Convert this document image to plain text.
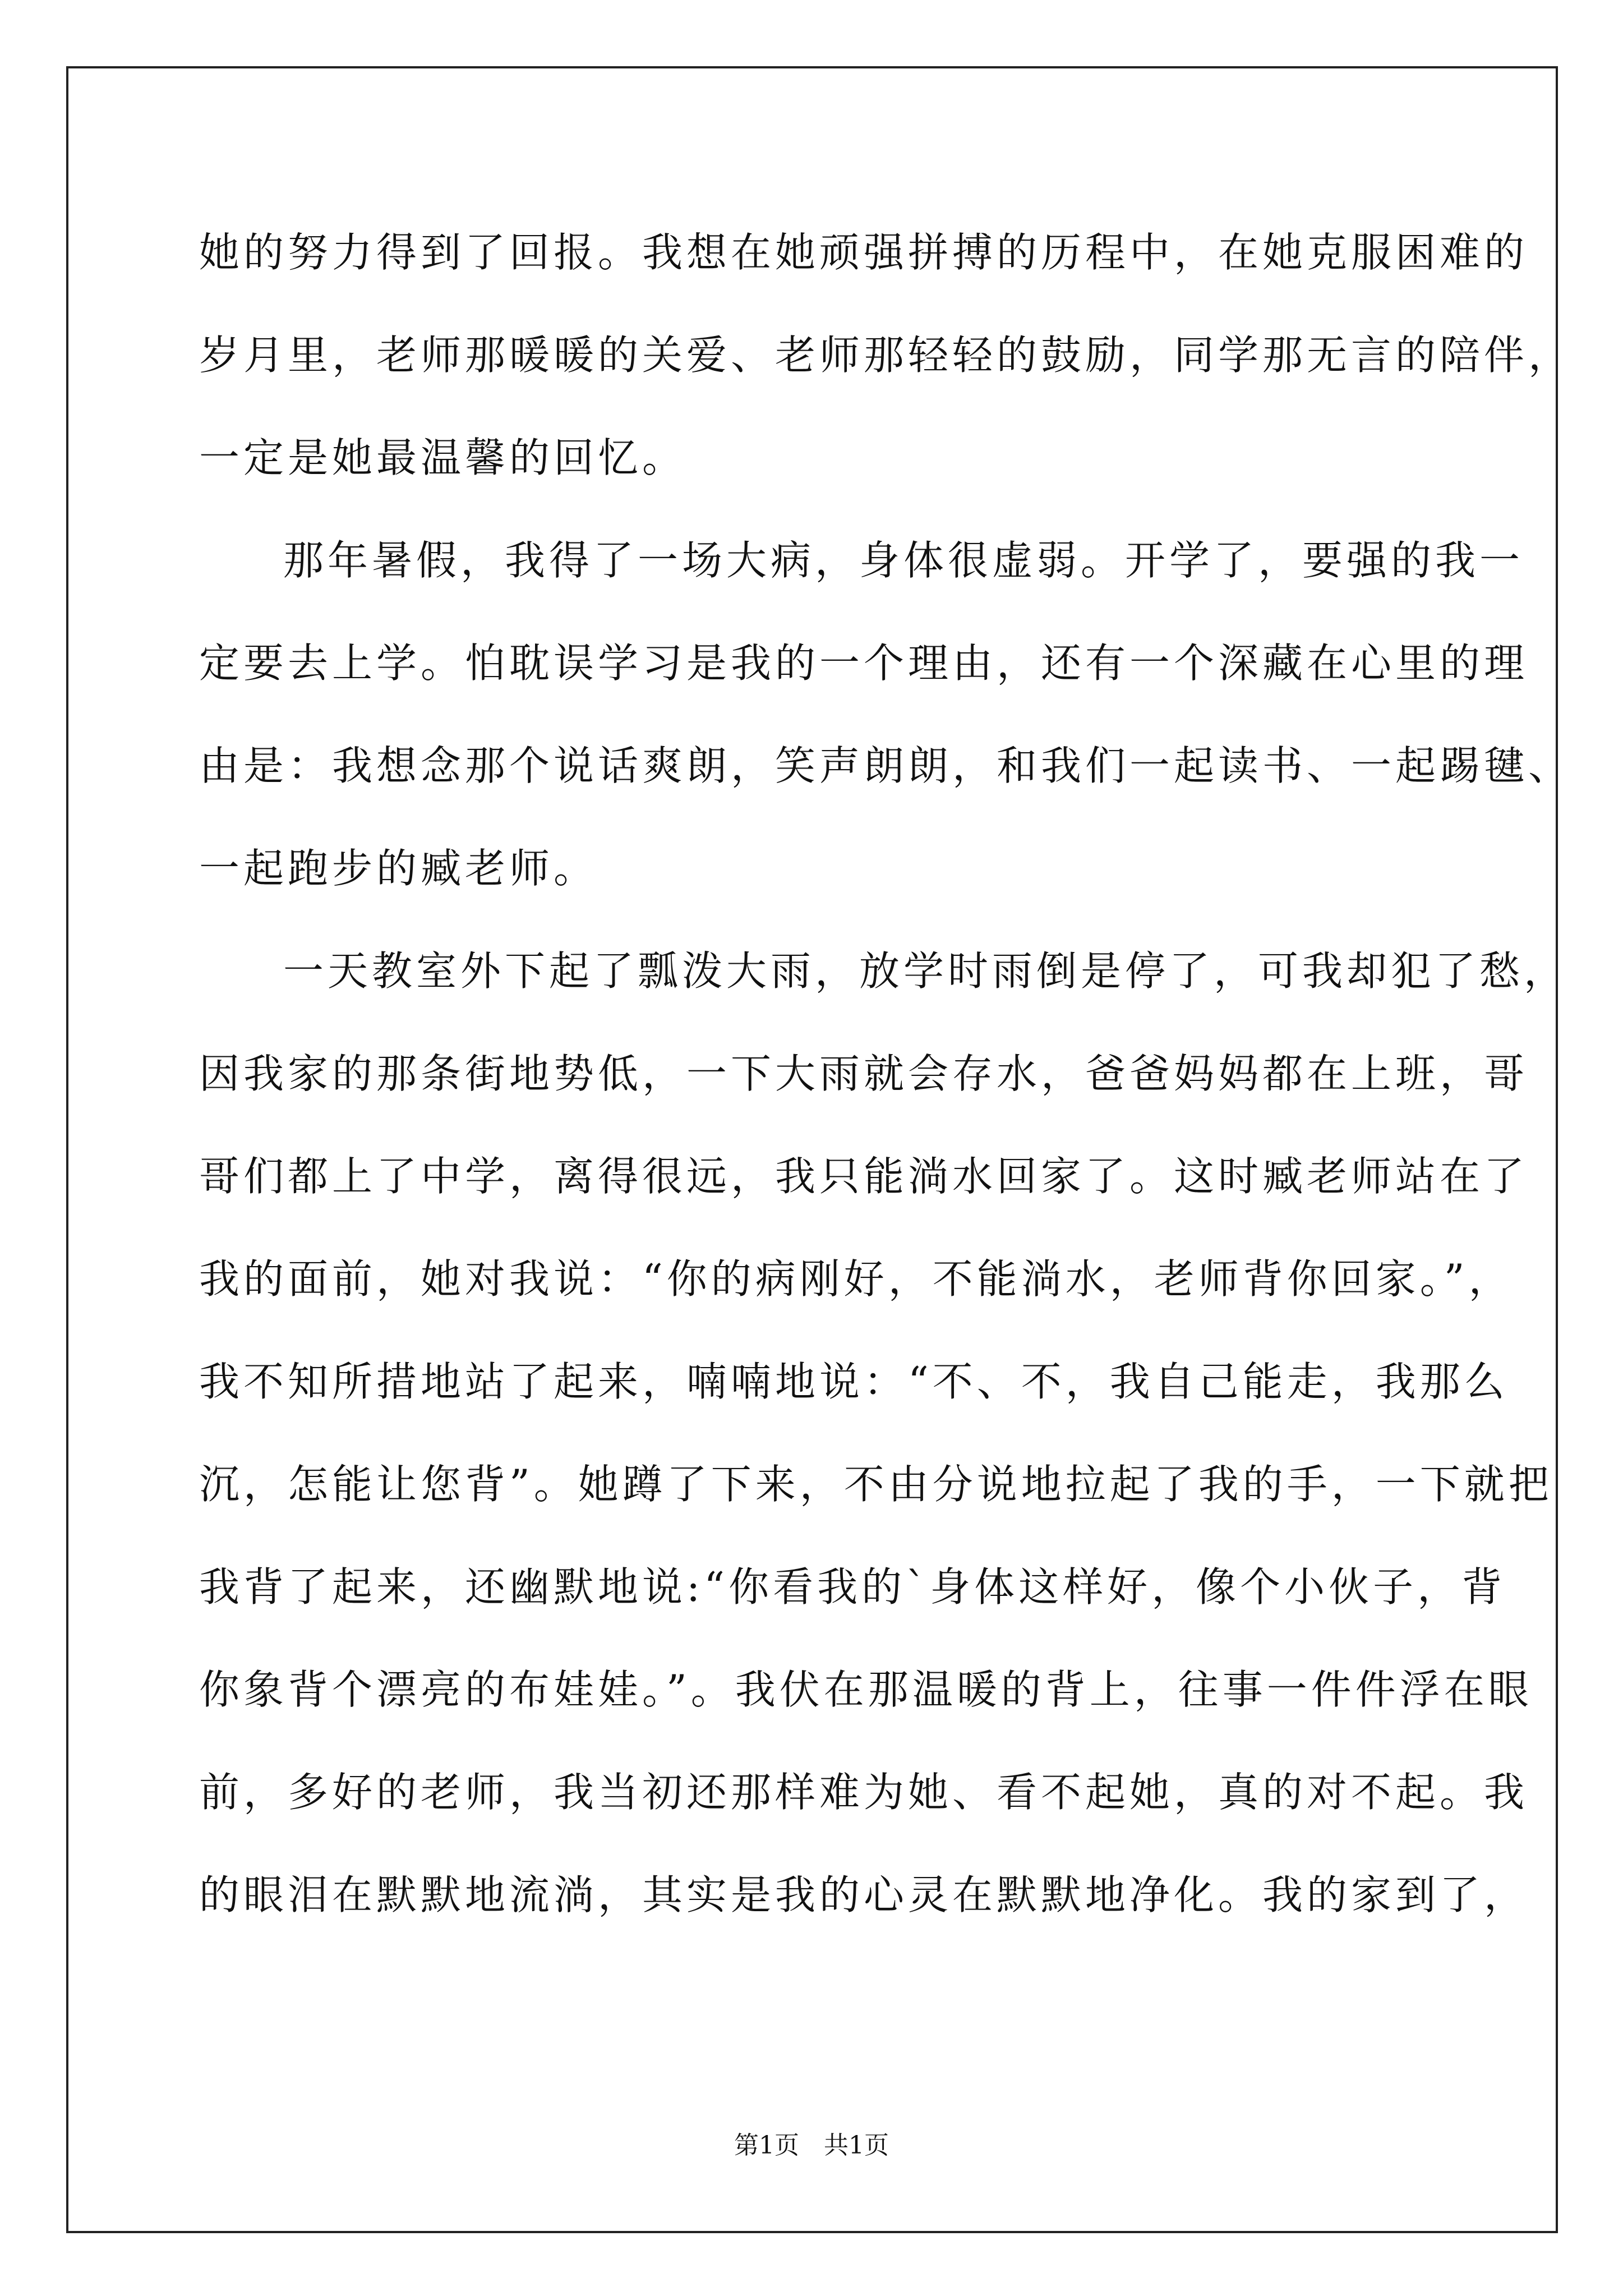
她的努力得到了回报。我想在她顽强拼搏的历程中，在她克服困难的
岁月里，老师那暖暖的关爱、老师那轻轻的鼓励，同学那无言的陪伴，
一定是她最温馨的回忆。
那年暑假，我得了一场大病，身体很虚弱。开学了，要强的我一
定要去上学。怕耽误学习是我的一个理由，还有一个深藏在心里的理
由是：我想念那个说话爽朗，笑声朗朗，和我们一起读书、一起踢毽、
一起跑步的臧老师。
一天教室外下起了瓢泼大雨，放学时雨倒是停了，可我却犯了愁，
因我家的那条街地势低，一下大雨就会存水，爸爸妈妈都在上班，哥
哥们都上了中学，离得很远，我只能淌水回家了。这时臧老师站在了
我的面前，她对我说：“你的病刚好，不能淌水，老师背你回家。”，
我不知所措地站了起来，喃喃地说：“不、不，我自己能走，我那么
沉，怎能让您背”。她蹲了下来，不由分说地拉起了我的手，一下就把
我背了起来，还幽默地说:“你看我的`身体这样好，像个小伙子，背
你象背个漂亮的布娃娃。”。我伏在那温暖的背上，往事一件件浮在眼
前，多好的老师，我当初还那样难为她、看不起她，真的对不起。我
的眼泪在默默地流淌，其实是我的心灵在默默地净化。我的家到了，
第1页　共1页
